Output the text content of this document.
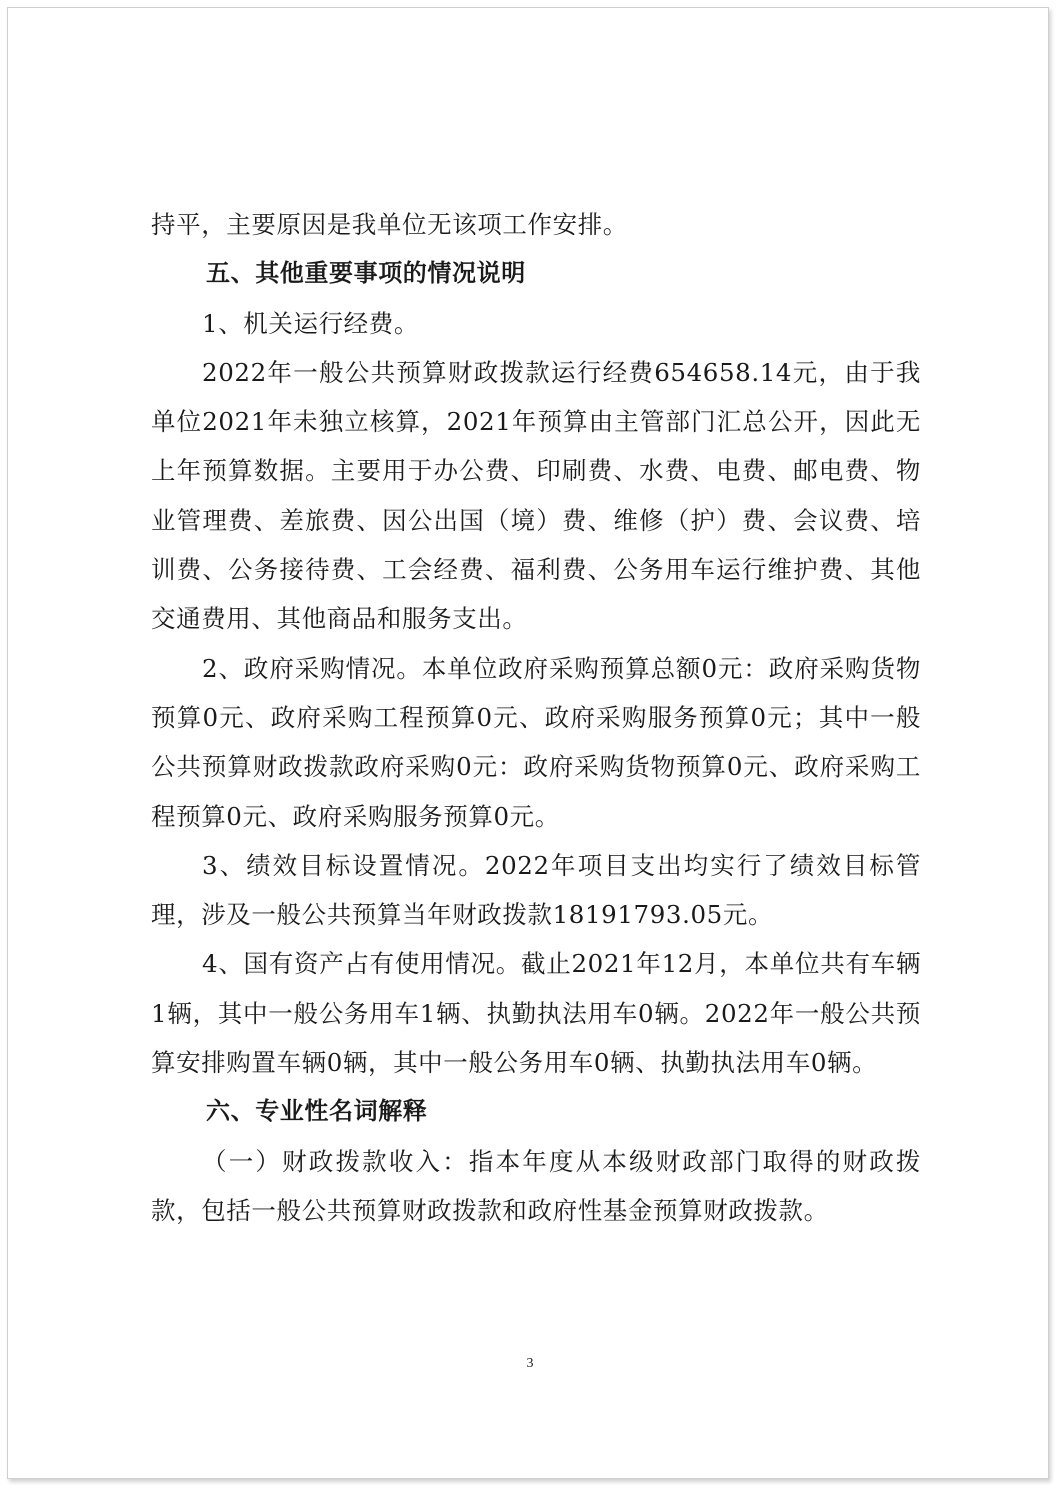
持平，主要原因是我单位无该项工作安排。

五、其他重要事项的情况说明

1、机关运行经费。

2022年一般公共预算财政拨款运行经费654658.14元，由于我单位2021年未独立核算，2021年预算由主管部门汇总公开，因此无上年预算数据。主要用于办公费、印刷费、水费、电费、邮电费、物业管理费、差旅费、因公出国（境）费、维修（护）费、会议费、培训费、公务接待费、工会经费、福利费、公务用车运行维护费、其他交通费用、其他商品和服务支出。

2、政府采购情况。本单位政府采购预算总额0元：政府采购货物预算0元、政府采购工程预算0元、政府采购服务预算0元；其中一般公共预算财政拨款政府采购0元：政府采购货物预算0元、政府采购工程预算0元、政府采购服务预算0元。

3、绩效目标设置情况。2022年项目支出均实行了绩效目标管理，涉及一般公共预算当年财政拨款18191793.05元。

4、国有资产占有使用情况。截止2021年12月，本单位共有车辆1辆，其中一般公务用车1辆、执勤执法用车0辆。2022年一般公共预算安排购置车辆0辆，其中一般公务用车0辆、执勤执法用车0辆。

六、专业性名词解释

（一）财政拨款收入：指本年度从本级财政部门取得的财政拨款，包括一般公共预算财政拨款和政府性基金预算财政拨款。

3
